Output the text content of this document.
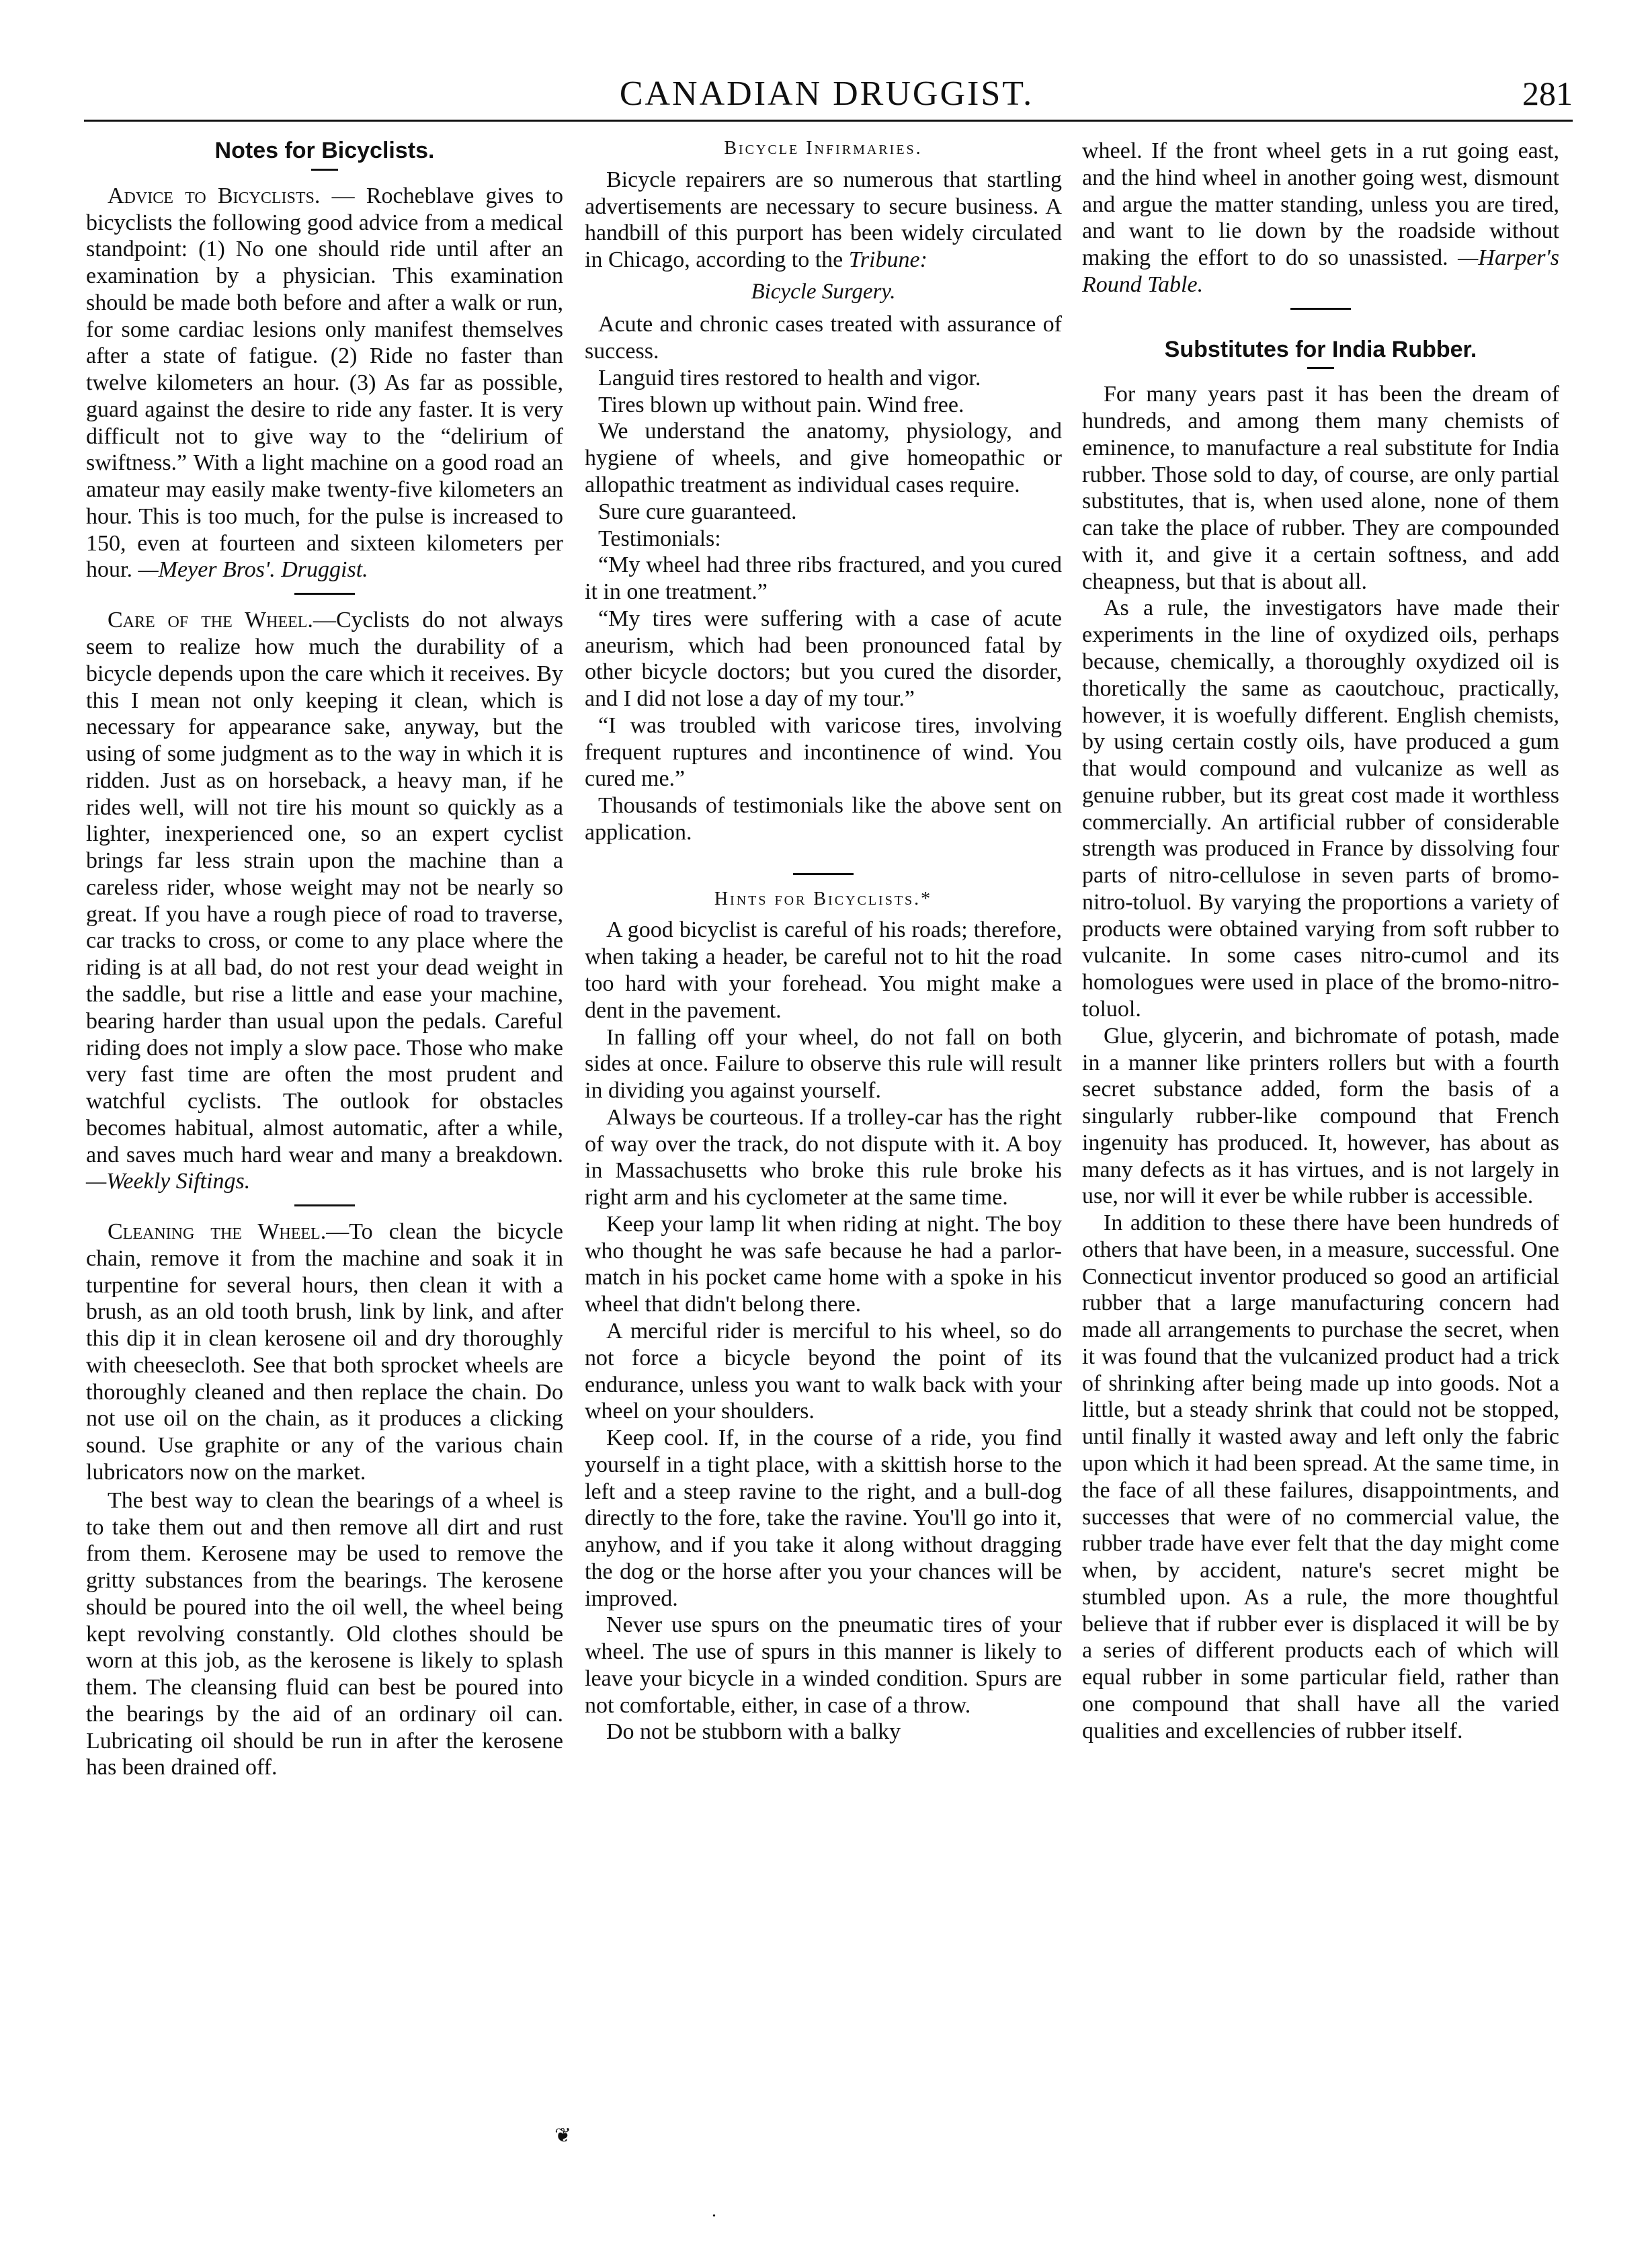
CANADIAN DRUGGIST.	281
Notes for Bicyclists.

Advice to Bicyclists. — Rocheblave gives to bicyclists the following good advice from a medical standpoint: (1) No one should ride until after an examination by a physician. This examination should be made both before and after a walk or run, for some cardiac lesions only manifest themselves after a state of fatigue. (2) Ride no faster than twelve kilometers an hour. (3) As far as possible, guard against the desire to ride any faster. It is very difficult not to give way to the “delirium of swiftness.” With a light machine on a good road an amateur may easily make twenty-five kilometers an hour. This is too much, for the pulse is increased to 150, even at fourteen and sixteen kilometers per hour. —Meyer Bros'. Druggist.

Care of the Wheel.—Cyclists do not always seem to realize how much the durability of a bicycle depends upon the care which it receives. By this I mean not only keeping it clean, which is necessary for appearance sake, anyway, but the using of some judgment as to the way in which it is ridden. Just as on horseback, a heavy man, if he rides well, will not tire his mount so quickly as a lighter, inexperienced one, so an expert cyclist brings far less strain upon the machine than a careless rider, whose weight may not be nearly so great. If you have a rough piece of road to traverse, car tracks to cross, or come to any place where the riding is at all bad, do not rest your dead weight in the saddle, but rise a little and ease your machine, bearing harder than usual upon the pedals. Careful riding does not imply a slow pace. Those who make very fast time are often the most prudent and watchful cyclists. The outlook for obstacles becomes habitual, almost automatic, after a while, and saves much hard wear and many a breakdown. —Weekly Siftings.

Cleaning the Wheel.—To clean the bicycle chain, remove it from the machine and soak it in turpentine for several hours, then clean it with a brush, as an old tooth brush, link by link, and after this dip it in clean kerosene oil and dry thoroughly with cheesecloth. See that both sprocket wheels are thoroughly cleaned and then replace the chain. Do not use oil on the chain, as it produces a clicking sound. Use graphite or any of the various chain lubricators now on the market.

The best way to clean the bearings of a wheel is to take them out and then remove all dirt and rust from them. Kerosene may be used to remove the gritty substances from the bearings. The kerosene should be poured into the oil well, the wheel being kept revolving constantly. Old clothes should be worn at this job, as the kerosene is likely to splash them. The cleansing fluid can best be poured into the bearings by the aid of an ordinary oil can. Lubricating oil should be run in after the kerosene has been drained off.

Bicycle Infirmaries.

Bicycle repairers are so numerous that startling advertisements are necessary to secure business. A handbill of this purport has been widely circulated in Chicago, according to the Tribune:

Bicycle Surgery.

Acute and chronic cases treated with assurance of success.

Languid tires restored to health and vigor.

Tires blown up without pain. Wind free.

We understand the anatomy, physiology, and hygiene of wheels, and give homeopathic or allopathic treatment as individual cases require.

Sure cure guaranteed.

Testimonials:

“My wheel had three ribs fractured, and you cured it in one treatment.”

“My tires were suffering with a case of acute aneurism, which had been pronounced fatal by other bicycle doctors; but you cured the disorder, and I did not lose a day of my tour.”

“I was troubled with varicose tires, involving frequent ruptures and incontinence of wind. You cured me.”

Thousands of testimonials like the above sent on application.

Hints for Bicyclists.*

A good bicyclist is careful of his roads; therefore, when taking a header, be careful not to hit the road too hard with your forehead. You might make a dent in the pavement.

In falling off your wheel, do not fall on both sides at once. Failure to observe this rule will result in dividing you against yourself.

Always be courteous. If a trolley-car has the right of way over the track, do not dispute with it. A boy in Massachusetts who broke this rule broke his right arm and his cyclometer at the same time.

Keep your lamp lit when riding at night. The boy who thought he was safe because he had a parlor-match in his pocket came home with a spoke in his wheel that didn't belong there.

A merciful rider is merciful to his wheel, so do not force a bicycle beyond the point of its endurance, unless you want to walk back with your wheel on your shoulders.

Keep cool. If, in the course of a ride, you find yourself in a tight place, with a skittish horse to the left and a steep ravine to the right, and a bull-dog directly to the fore, take the ravine. You'll go into it, anyhow, and if you take it along without dragging the dog or the horse after you your chances will be improved.

Never use spurs on the pneumatic tires of your wheel. The use of spurs in this manner is likely to leave your bicycle in a winded condition. Spurs are not comfortable, either, in case of a throw.

Do not be stubborn with a balky

wheel. If the front wheel gets in a rut going east, and the hind wheel in another going west, dismount and argue the matter standing, unless you are tired, and want to lie down by the roadside without making the effort to do so unassisted. —Harper's Round Table.

Substitutes for India Rubber.

For many years past it has been the dream of hundreds, and among them many chemists of eminence, to manufacture a real substitute for India rubber. Those sold to day, of course, are only partial substitutes, that is, when used alone, none of them can take the place of rubber. They are compounded with it, and give it a certain softness, and add cheapness, but that is about all.

As a rule, the investigators have made their experiments in the line of oxydized oils, perhaps because, chemically, a thoroughly oxydized oil is thoretically the same as caoutchouc, practically, however, it is woefully different. English chemists, by using certain costly oils, have produced a gum that would compound and vulcanize as well as genuine rubber, but its great cost made it worthless commercially. An artificial rubber of considerable strength was produced in France by dissolving four parts of nitro-cellulose in seven parts of bromo-nitro-toluol. By varying the proportions a variety of products were obtained varying from soft rubber to vulcanite. In some cases nitro-cumol and its homologues were used in place of the bromo-nitro-toluol.

Glue, glycerin, and bichromate of potash, made in a manner like printers rollers but with a fourth secret substance added, form the basis of a singularly rubber-like compound that French ingenuity has produced. It, however, has about as many defects as it has virtues, and is not largely in use, nor will it ever be while rubber is accessible.

In addition to these there have been hundreds of others that have been, in a measure, successful. One Connecticut inventor produced so good an artificial rubber that a large manufacturing concern had made all arrangements to purchase the secret, when it was found that the vulcanized product had a trick of shrinking after being made up into goods. Not a little, but a steady shrink that could not be stopped, until finally it wasted away and left only the fabric upon which it had been spread. At the same time, in the face of all these failures, disappointments, and successes that were of no commercial value, the rubber trade have ever felt that the day might come when, by accident, nature's secret might be stumbled upon. As a rule, the more thoughtful believe that if rubber ever is displaced it will be by a series of different products each of which will equal rubber in some particular field, rather than one compound that shall have all the varied qualities and excellencies of rubber itself.

❦
•
